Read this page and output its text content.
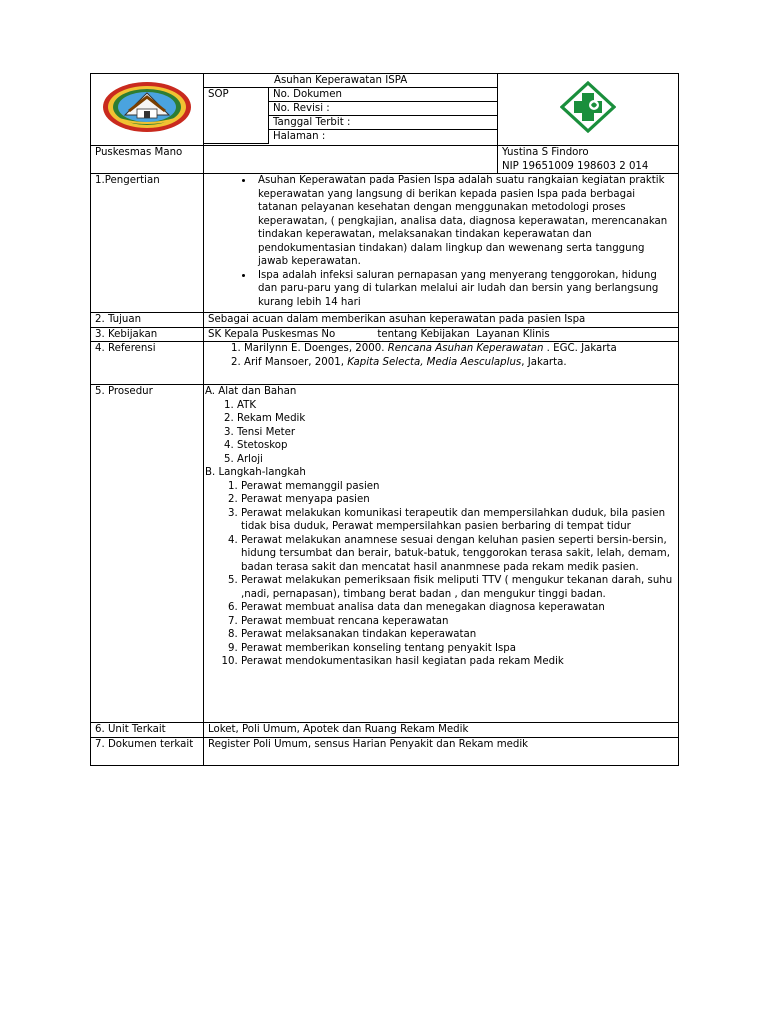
Asuhan Keperawatan ISPA
SOP	No. Dokumen
No. Revisi :
Tanggal Terbit :
Halaman :

Puskesmas Mano		Yustina S Findoro
NIP 19651009 198603 2 014

1.Pengertian	
•Asuhan Keperawatan pada Pasien Ispa adalah suatu rangkaian kegiatan praktik keperawatan yang langsung di berikan kepada pasien Ispa pada berbagai tatanan pelayanan kesehatan dengan menggunakan metodologi proses keperawatan, ( pengkajian, analisa data, diagnosa keperawatan, merencanakan tindakan keperawatan, melaksanakan tindakan keperawatan dan pendokumentasian tindakan) dalam lingkup dan wewenang serta tanggung jawab keperawatan.
• Ispa adalah infeksi saluran pernapasan yang menyerang tenggorokan, hidung dan paru-paru yang di tularkan melalui air ludah dan bersin yang berlangsung kurang lebih 14 hari

2. Tujuan	Sebagai acuan dalam memberikan asuhan keperawatan pada pasien Ispa
3. Kebijakan	SK Kepala Puskesmas No             tentang Kebijakan  Layanan Klinis
4. Referensi	
1.Marilynn E. Doenges, 2000. Rencana Asuhan Keperawatan . EGC. Jakarta
2. Arif Mansoer, 2001, Kapita Selecta, Media Aesculaplus, Jakarta.

5. Prosedur	A. Alat dan Bahan
1. ATK
2. Rekam Medik
3. Tensi Meter
4. Stetoskop
5. Arloji
B. Langkah-langkah
1. Perawat memanggil pasien
2. Perawat menyapa pasien
3. Perawat melakukan komunikasi terapeutik dan mempersilahkan duduk, bila pasien tidak bisa duduk, Perawat mempersilahkan pasien berbaring di tempat tidur
4. Perawat melakukan anamnese sesuai dengan keluhan pasien seperti bersin-bersin, hidung tersumbat dan berair, batuk-batuk, tenggorokan terasa sakit, lelah, demam, badan terasa sakit dan mencatat hasil ananmnese pada rekam medik pasien.
5. Perawat melakukan pemeriksaan fisik meliputi TTV ( mengukur tekanan darah, suhu ,nadi, pernapasan), timbang berat badan , dan mengukur tinggi badan.
6. Perawat membuat analisa data dan menegakan diagnosa keperawatan
7. Perawat membuat rencana keperawatan
8. Perawat melaksanakan tindakan keperawatan
9. Perawat memberikan konseling tentang penyakit Ispa
10. Perawat mendokumentasikan hasil kegiatan pada rekam Medik

6. Unit Terkait	Loket, Poli Umum, Apotek dan Ruang Rekam Medik
7. Dokumen terkait	Register Poli Umum, sensus Harian Penyakit dan Rekam medik
